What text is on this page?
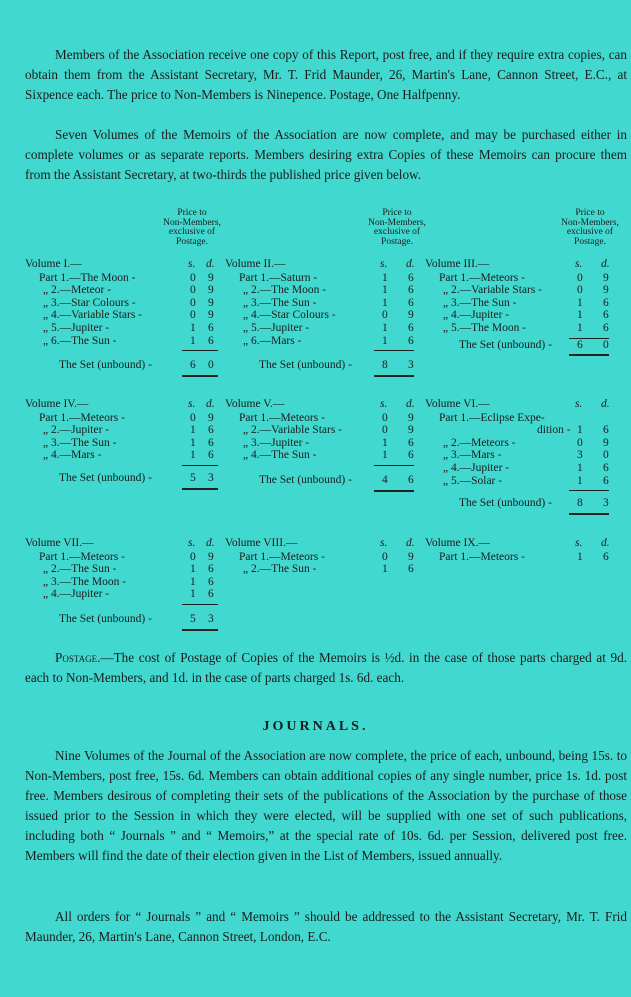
Members of the Association receive one copy of this Report, post free, and if they require extra copies, can obtain them from the Assistant Secretary, Mr. T. Frid Maunder, 26, Martin's Lane, Cannon Street, E.C., at Sixpence each. The price to Non-Members is Ninepence. Postage, One Halfpenny.
Seven Volumes of the Memoirs of the Association are now complete, and may be purchased either in complete volumes or as separate reports. Members desiring extra Copies of these Memoirs can procure them from the Assistant Secretary, at two-thirds the published price given below.
Price to
Non-Members,
exclusive of
Postage.
Price to
Non-Members,
exclusive of
Postage.
Price to
Non-Members,
exclusive of
Postage.
Volume I.—	s. d.
Part 1.—The Moon -	0 9
„ 2.—Meteor -	0 9
„ 3.—Star Colours -	0 9
„ 4.—Variable Stars -	0 9
„ 5.—Jupiter -	1 6
„ 6.—The Sun -	1 6
The Set (unbound) -	6 0
Volume II.—	s. d.
Part 1.—Saturn -	1 6
„ 2.—The Moon -	1 6
„ 3.—The Sun -	1 6
„ 4.—Star Colours -	0 9
„ 5.—Jupiter -	1 6
„ 6.—Mars -	1 6
The Set (unbound) -	8 3
Volume III.—	s. d.
Part 1.—Meteors -	0 9
„ 2.—Variable Stars -	0 9
„ 3.—The Sun -	1 6
„ 4.—Jupiter -	1 6
„ 5.—The Moon -	1 6
The Set (unbound) - 6 0
Volume IV.—	s. d.
Part 1.—Meteors -	0 9
„ 2.—Jupiter -	1 6
„ 3.—The Sun -	1 6
„ 4.—Mars -	1 6
The Set (unbound) -	5 3
Volume V.—	s. d.
Part 1.—Meteors -	0 9
„ 2.—Variable Stars -	0 9
„ 3.—Jupiter -	1 6
„ 4.—The Sun -	1 6
The Set (unbound) -	4 6
Volume VI.—	s. d.
Part 1.—Eclipse Expe-
dition - 1 6
„ 2.—Meteors -	0 9
„ 3.—Mars -	3 0
„ 4.—Jupiter -	1 6
„ 5.—Solar -	1 6
The Set (unbound) - 8 3
Volume VII.—	s. d.
Part 1.—Meteors -	0 9
„ 2.—The Sun -	1 6
„ 3.—The Moon -	1 6
„ 4.—Jupiter -	1 6
The Set (unbound) -	5 3
Volume VIII.—	s. d.
Part 1.—Meteors -	0 9
„ 2.—The Sun -	1 6
Volume IX.—	s. d.
Part 1.—Meteors -	1 6
Postage.—The cost of Postage of Copies of the Memoirs is ½d. in the case of those parts charged at 9d. each to Non-Members, and 1d. in the case of parts charged 1s. 6d. each.
JOURNALS.
Nine Volumes of the Journal of the Association are now complete, the price of each, unbound, being 15s. to Non-Members, post free, 15s. 6d. Members can obtain additional copies of any single number, price 1s. 1d. post free. Members desirous of completing their sets of the publications of the Association by the purchase of those issued prior to the Session in which they were elected, will be supplied with one set of such publications, including both “ Journals ” and “ Memoirs,” at the special rate of 10s. 6d. per Session, delivered post free. Members will find the date of their election given in the List of Members, issued annually.
All orders for “ Journals ” and “ Memoirs ” should be addressed to the Assistant Secretary, Mr. T. Frid Maunder, 26, Martin's Lane, Cannon Street, London, E.C.
